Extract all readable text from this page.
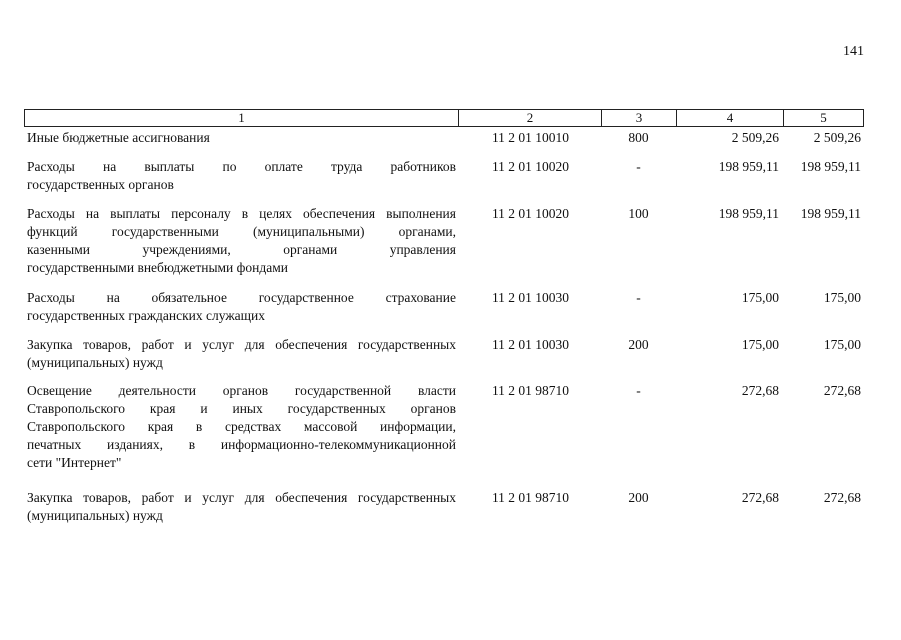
141
1	2	3	4	5
Иные бюджетные ассигнования	11 2 01 10010	800	2 509,26	2 509,26
Расходы на выплаты по оплате труда работников
государственных органов
11 2 01 10020	-	198 959,11	198 959,11
Расходы на выплаты персоналу в целях обеспечения выполнения
функций государственными (муниципальными) органами,
казенными учреждениями, органами управления
государственными внебюджетными фондами
11 2 01 10020	100	198 959,11	198 959,11
Расходы на обязательное государственное страхование
государственных гражданских служащих
11 2 01 10030	-	175,00	175,00
Закупка товаров, работ и услуг для обеспечения государственных
(муниципальных) нужд
11 2 01 10030	200	175,00	175,00
Освещение деятельности органов государственной власти
Ставропольского края и иных государственных органов
Ставропольского края в средствах массовой информации,
печатных изданиях, в информационно-телекоммуникационной
сети "Интернет"
11 2 01 98710	-	272,68	272,68
Закупка товаров, работ и услуг для обеспечения государственных
(муниципальных) нужд
11 2 01 98710	200	272,68	272,68
